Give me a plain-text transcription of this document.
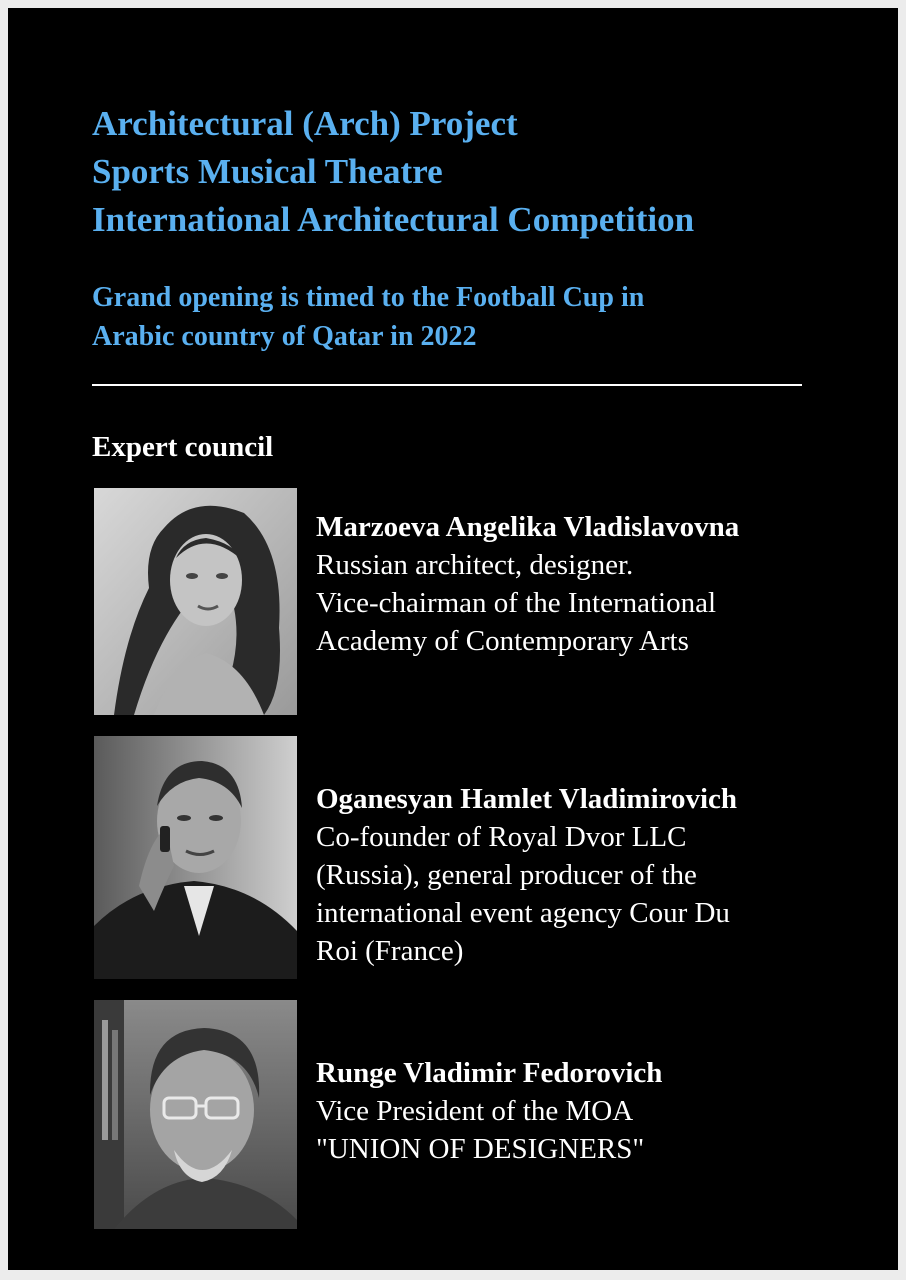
Architectural (Arch) Project
Sports Musical Theatre
International Architectural Competition
Grand opening is timed to the Football Cup in
Arabic country of Qatar in 2022
Expert council
Marzoeva Angelika Vladislavovna
Russian architect, designer.
Vice-chairman of the International
Academy of Contemporary Arts
Oganesyan Hamlet Vladimirovich
Co-founder of Royal Dvor LLC
(Russia), general producer of the
international event agency Cour Du
Roi (France)
Runge Vladimir Fedorovich
Vice President of the MOA
"UNION OF DESIGNERS"
